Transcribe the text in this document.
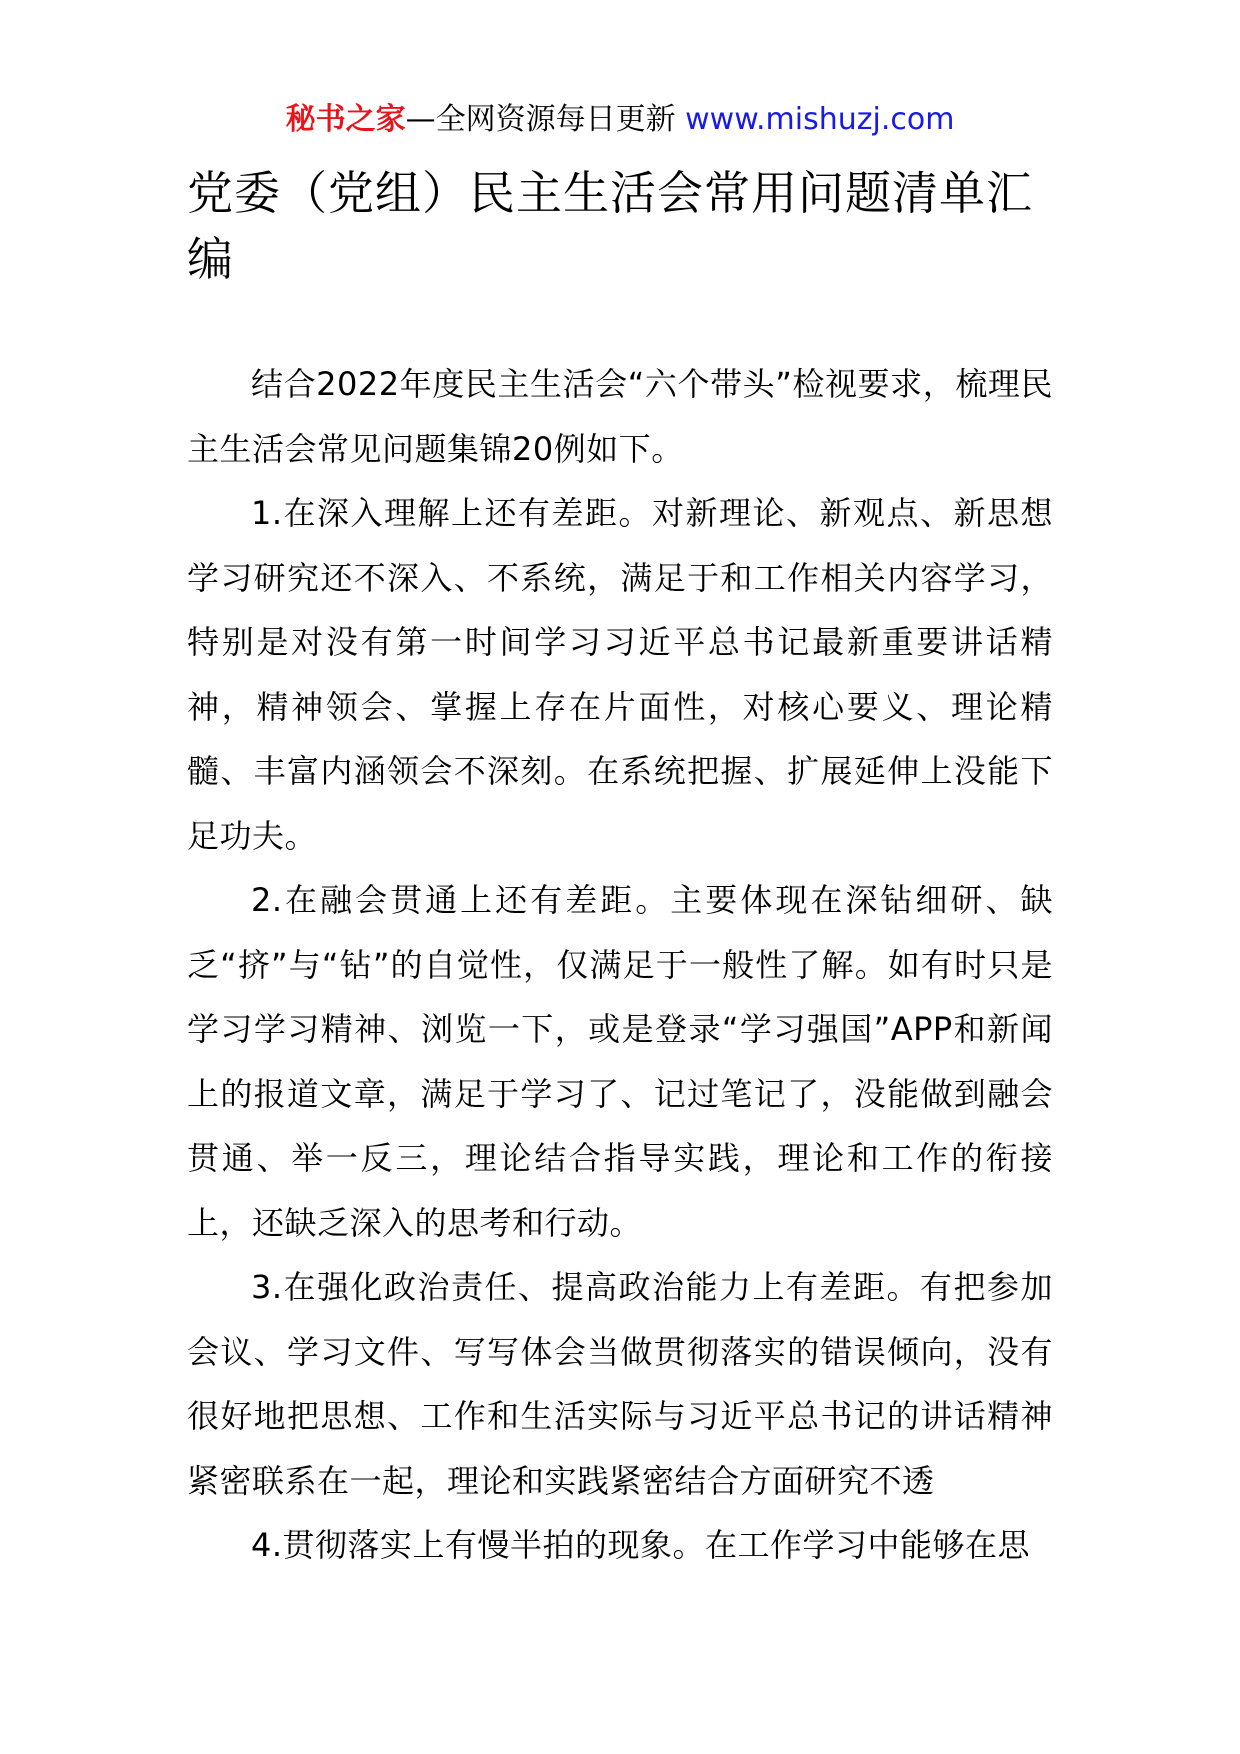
秘书之家—全网资源每日更新 www.mishuzj.com
党委（党组）民主生活会常用问题清单汇编

结合2022年度民主生活会“六个带头”检视要求，梳理民主生活会常见问题集锦20例如下。

1.在深入理解上还有差距。对新理论、新观点、新思想学习研究还不深入、不系统，满足于和工作相关内容学习，特别是对没有第一时间学习习近平总书记最新重要讲话精神，精神领会、掌握上存在片面性，对核心要义、理论精髓、丰富内涵领会不深刻。在系统把握、扩展延伸上没能下足功夫。

2.在融会贯通上还有差距。主要体现在深钻细研、缺乏“挤”与“钻”的自觉性，仅满足于一般性了解。如有时只是学习学习精神、浏览一下，或是登录“学习强国”APP和新闻上的报道文章，满足于学习了、记过笔记了，没能做到融会贯通、举一反三，理论结合指导实践，理论和工作的衔接上，还缺乏深入的思考和行动。

3.在强化政治责任、提高政治能力上有差距。有把参加会议、学习文件、写写体会当做贯彻落实的错误倾向，没有很好地把思想、工作和生活实际与习近平总书记的讲话精神紧密联系在一起，理论和实践紧密结合方面研究不透

4.贯彻落实上有慢半拍的现象。在工作学习中能够在思
